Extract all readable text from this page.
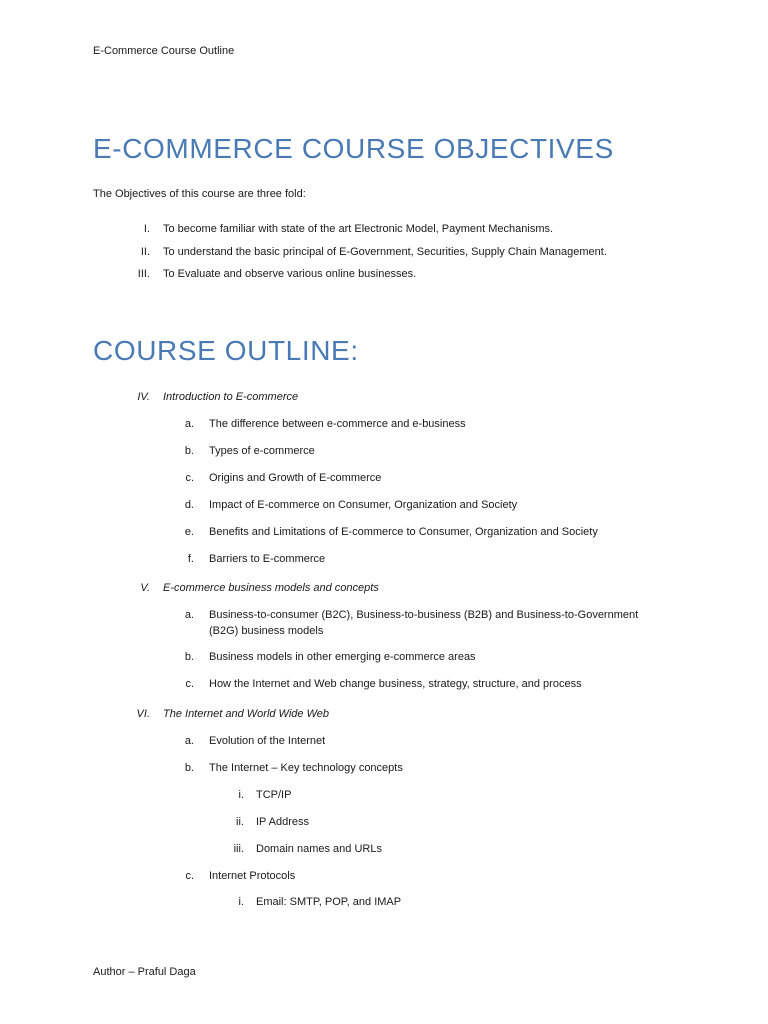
E-Commerce Course Outline
E-COMMERCE COURSE OBJECTIVES
The Objectives of this course are three fold:
I. To become familiar with state of the art Electronic Model, Payment Mechanisms.
II. To understand the basic principal of E-Government, Securities, Supply Chain Management.
III. To Evaluate and observe various online businesses.
COURSE OUTLINE:
IV. Introduction to E-commerce
a. The difference between e-commerce and e-business
b. Types of e-commerce
c. Origins and Growth of E-commerce
d. Impact of E-commerce on Consumer, Organization and Society
e. Benefits and Limitations of E-commerce to Consumer, Organization and Society
f. Barriers to E-commerce
V. E-commerce business models and concepts
a. Business-to-consumer (B2C), Business-to-business (B2B) and Business-to-Government (B2G) business models
b. Business models in other emerging e-commerce areas
c. How the Internet and Web change business, strategy, structure, and process
VI. The Internet and World Wide Web
a. Evolution of the Internet
b. The Internet – Key technology concepts
i. TCP/IP
ii. IP Address
iii. Domain names and URLs
c. Internet Protocols
i. Email: SMTP, POP, and IMAP
Author – Praful Daga
